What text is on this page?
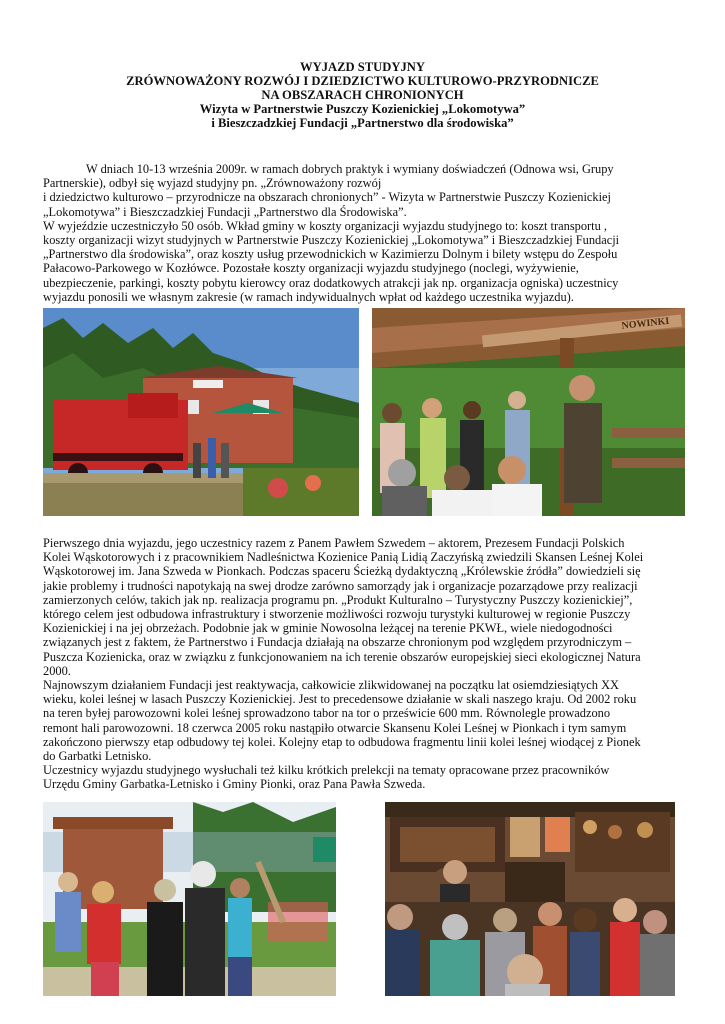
WYJAZD STUDYJNY
ZRÓWNOWAŻONY ROZWÓJ I DZIEDZICTWO KULTUROWO-PRZYRODNICZE
NA OBSZARACH CHRONIONYCH
Wizyta w Partnerstwie Puszczy Kozienickiej „Lokomotywa”
i Bieszczadzkiej Fundacji „Partnerstwo dla środowiska”
W dniach 10-13 września 2009r. w ramach dobrych praktyk i wymiany doświadczeń (Odnowa wsi, Grupy
Partnerskie), odbył się wyjazd studyjny pn. „Zrównoważony rozwój
i dziedzictwo kulturowo – przyrodnicze na obszarach chronionych” - Wizyta w Partnerstwie Puszczy Kozienickiej
„Lokomotywa” i Bieszczadzkiej Fundacji „Partnerstwo dla Środowiska”.
W wyjeździe uczestniczyło 50 osób. Wkład gminy w koszty organizacji wyjazdu studyjnego to: koszt transportu ,
koszty organizacji wizyt studyjnych w Partnerstwie Puszczy Kozienickiej „Lokomotywa” i Bieszczadzkiej Fundacji
„Partnerstwo dla środowiska”, oraz koszty usług przewodnickich w Kazimierzu Dolnym i bilety wstępu do Zespołu
Pałacowo-Parkowego w Kozłówce. Pozostałe koszty organizacji wyjazdu studyjnego (noclegi, wyżywienie,
ubezpieczenie, parkingi, koszty pobytu kierowcy oraz dodatkowych atrakcji jak np. organizacja ogniska) uczestnicy
wyjazdu ponosili we własnym zakresie (w ramach indywidualnych wpłat od każdego uczestnika wyjazdu).
NOWINKI
Pierwszego dnia wyjazdu, jego uczestnicy razem z Panem Pawłem Szwedem – aktorem, Prezesem Fundacji Polskich
Kolei Wąskotorowych i z pracownikiem Nadleśnictwa Kozienice Panią Lidią Zaczyńską zwiedzili Skansen Leśnej Kolei
Wąskotorowej im. Jana Szweda w Pionkach. Podczas spaceru Ścieżką dydaktyczną „Królewskie źródła” dowiedzieli się
jakie problemy i trudności napotykają na swej drodze zarówno samorządy jak i organizacje pozarządowe przy realizacji
zamierzonych celów, takich jak np. realizacja programu pn. „Produkt Kulturalno – Turystyczny Puszczy kozienickiej”,
którego celem jest odbudowa infrastruktury i stworzenie możliwości rozwoju turystyki kulturowej w regionie Puszczy
Kozienickiej i na jej obrzeżach. Podobnie jak w gminie Nowosolna leżącej na terenie PKWŁ, wiele niedogodności
związanych jest z faktem, że Partnerstwo i Fundacja działają na obszarze chronionym pod względem przyrodniczym –
Puszcza Kozienicka, oraz w związku z funkcjonowaniem na ich terenie obszarów europejskiej sieci ekologicznej Natura
2000.
Najnowszym działaniem Fundacji jest reaktywacja, całkowicie zlikwidowanej na początku lat osiemdziesiątych XX
wieku, kolei leśnej w lasach Puszczy Kozienickiej. Jest to precedensowe działanie w skali naszego kraju. Od 2002 roku
na teren byłej parowozowni kolei leśnej sprowadzono tabor na tor o prześwicie 600 mm. Równolegle prowadzono
remont hali parowozowni. 18 czerwca 2005 roku nastąpiło otwarcie Skansenu Kolei Leśnej w Pionkach i tym samym
zakończono pierwszy etap odbudowy tej kolei. Kolejny etap to odbudowa fragmentu linii kolei leśnej wiodącej z Pionek
do Garbatki Letnisko.
Uczestnicy wyjazdu studyjnego wysłuchali też kilku krótkich prelekcji na tematy opracowane przez pracowników
Urzędu Gminy Garbatka-Letnisko i Gminy Pionki, oraz Pana Pawła Szweda.
